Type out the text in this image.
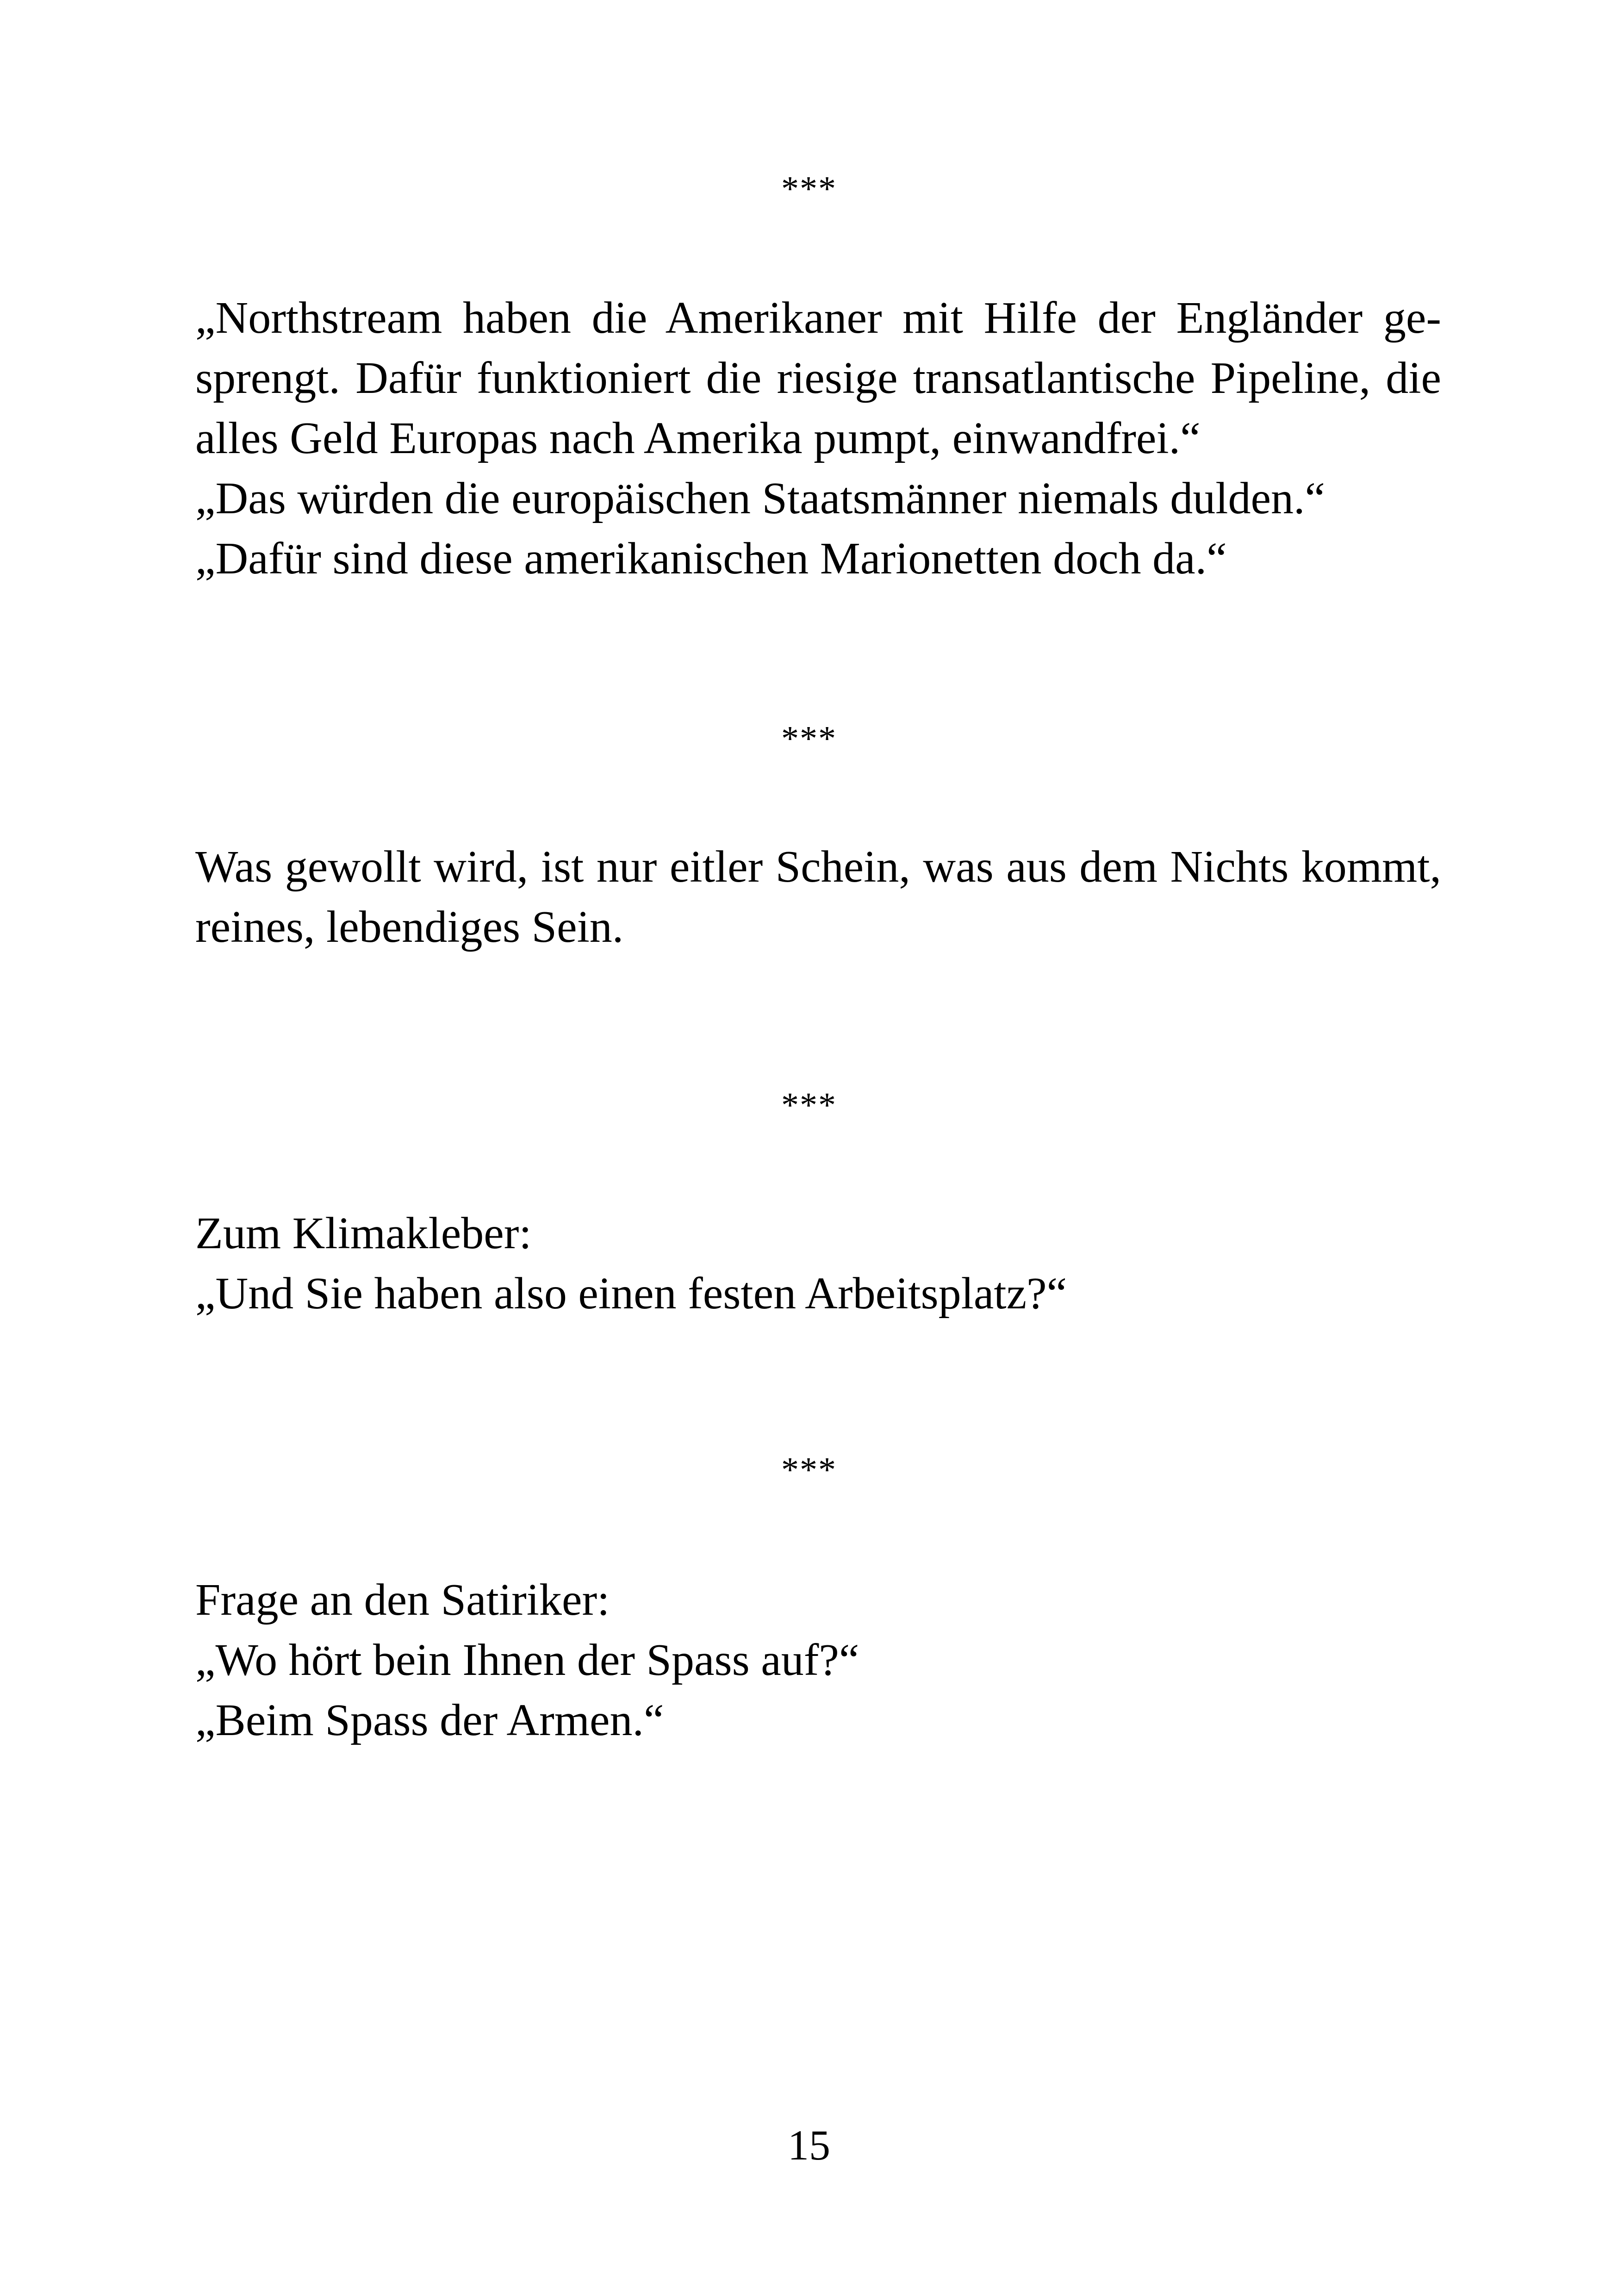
***
„Northstream haben die Amerikaner mit Hilfe der Engländer ge-
sprengt. Dafür funktioniert die riesige transatlantische Pipeline, die
alles Geld Europas nach Amerika pumpt, einwandfrei.“
„Das würden die europäischen Staatsmänner niemals dulden.“
„Dafür sind diese amerikanischen Marionetten doch da.“
***
Was gewollt wird, ist nur eitler Schein, was aus dem Nichts kommt,
reines, lebendiges Sein.
***
Zum Klimakleber:
„Und Sie haben also einen festen Arbeitsplatz?“
***
Frage an den Satiriker:
„Wo hört bein Ihnen der Spass auf?“
„Beim Spass der Armen.“
15
